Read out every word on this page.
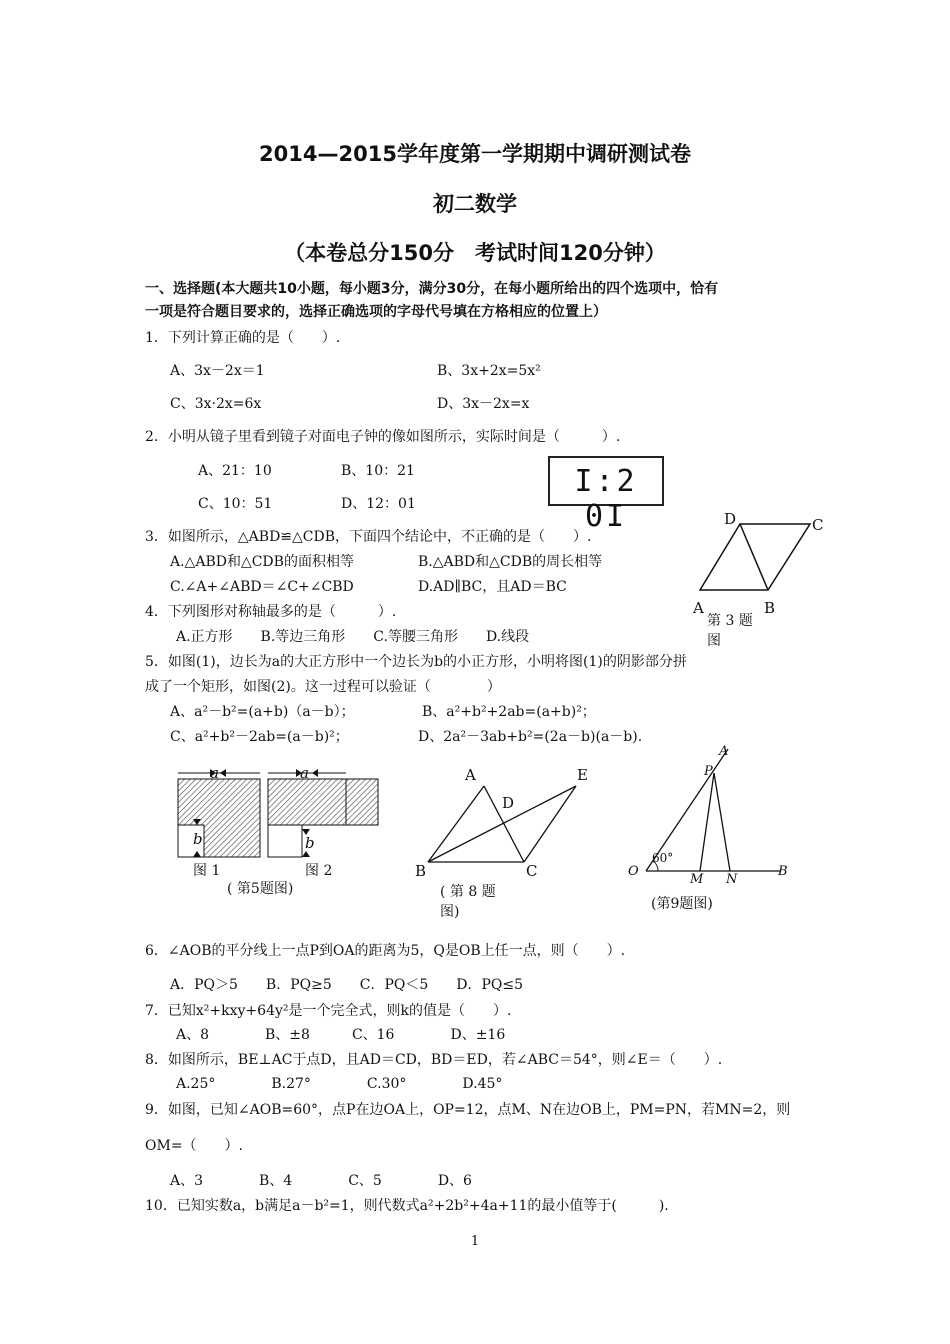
2014—2015学年度第一学期期中调研测试卷
初二数学
（本卷总分150分　考试时间120分钟）
一、选择题(本大题共10小题，每小题3分，满分30分，在每小题所给出的四个选项中，恰有
一项是符合题目要求的，选择正确选项的字母代号填在方格相应的位置上）
1．下列计算正确的是（　　）.
A、3x－2x＝1	B、3x+2x=5x²
C、3x·2x=6x	D、3x－2x=x
2．小明从镜子里看到镜子对面电子钟的像如图所示，实际时间是（　　　）.
A、21：10	B、10：21
C、10：51	D、12：01
I:2 0I
3．如图所示，△ABD≌△CDB，下面四个结论中，不正确的是（　　）.
A.△ABD和△CDB的面积相等	B.△ABD和△CDB的周长相等
C.∠A+∠ABD＝∠C+∠CBD	D.AD∥BC，且AD＝BC
D	C
A	B
第 3 题
图
4．下列图形对称轴最多的是（　　　）.
A.正方形　　B.等边三角形　　C.等腰三角形　　D.线段
5．如图(1)，边长为a的大正方形中一个边长为b的小正方形，小明将图(1)的阴影部分拼
成了一个矩形，如图(2)。这一过程可以验证（　　　　）
A、a²－b²=(a+b)（a－b）；	B、a²+b²+2ab=(a+b)²；
C、a²+b²－2ab=(a－b)²；	D、2a²－3ab+b²=(2a－b)(a－b).
a
b
a
b
图 1	图 2
( 第5题图)
A	E
D
B	C
( 第 8 题
图)
A
P
60°
O
M N
B
(第9题图)
6．∠AOB的平分线上一点P到OA的距离为5，Q是OB上任一点，则（　　）.
A．PQ＞5　　B．PQ≥5　　C．PQ＜5　　D．PQ≤5
7．已知x²+kxy+64y²是一个完全式，则k的值是（　　）.
A、8　　　　B、±8　　　C、16　　　　D、±16
8．如图所示，BE⊥AC于点D，且AD＝CD，BD＝ED，若∠ABC＝54°，则∠E＝（　　）.
A.25°　　　　B.27°　　　　C.30°　　　　D.45°
9．如图，已知∠AOB=60°，点P在边OA上，OP=12，点M、N在边OB上，PM=PN，若MN=2，则
OM=（　　）.
A、3　　　　B、4　　　　C、5　　　　D、6
10．已知实数a，b满足a－b²=1，则代数式a²+2b²+4a+11的最小值等于(　　　).
1
